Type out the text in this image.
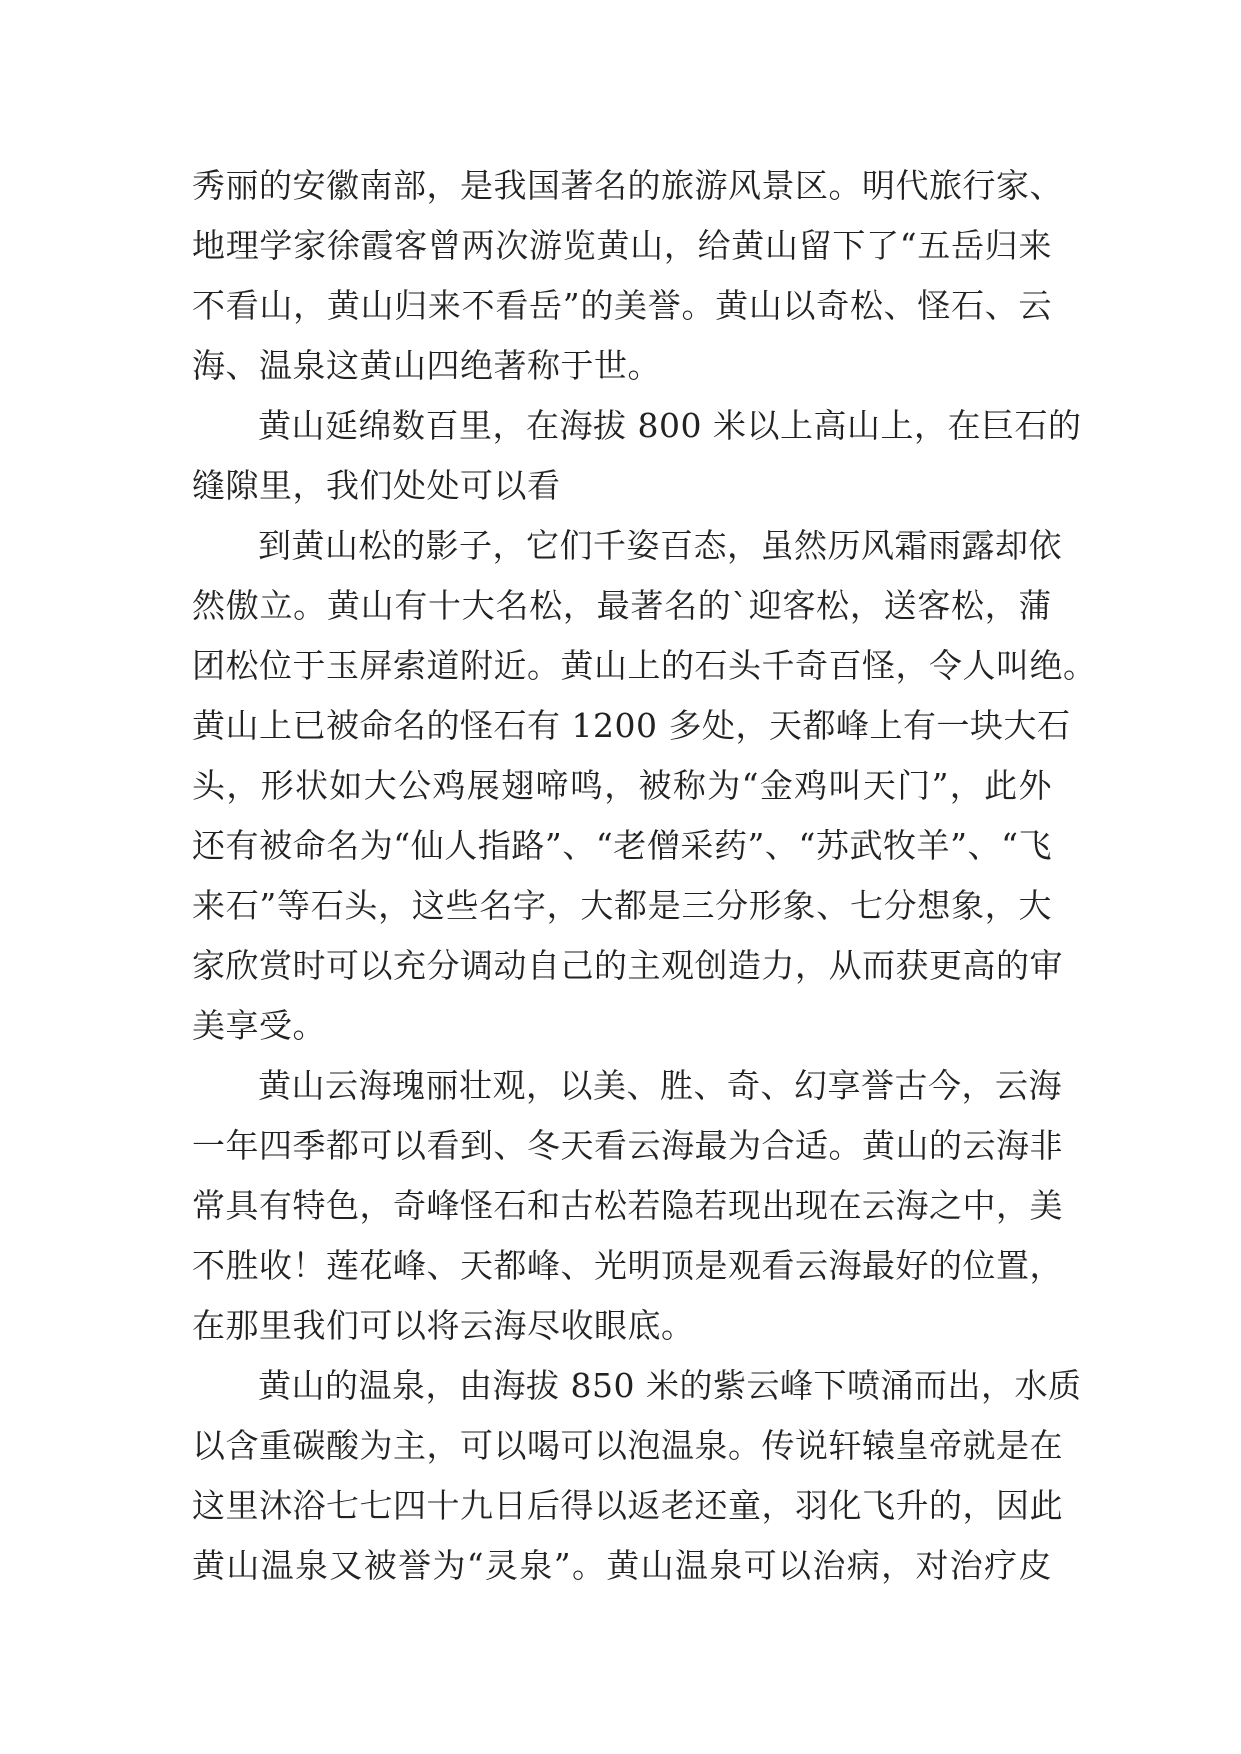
秀丽的安徽南部，是我国著名的旅游风景区。明代旅行家、
地理学家徐霞客曾两次游览黄山，给黄山留下了“五岳归来
不看山，黄山归来不看岳”的美誉。黄山以奇松、怪石、云
海、温泉这黄山四绝著称于世。
黄山延绵数百里，在海拔 800 米以上高山上，在巨石的
缝隙里，我们处处可以看
到黄山松的影子，它们千姿百态，虽然历风霜雨露却依
然傲立。黄山有十大名松，最著名的`迎客松，送客松，蒲
团松位于玉屏索道附近。黄山上的石头千奇百怪，令人叫绝。
黄山上已被命名的怪石有 1200 多处，天都峰上有一块大石
头，形状如大公鸡展翅啼鸣，被称为“金鸡叫天门”，此外
还有被命名为“仙人指路”、“老僧采药”、“苏武牧羊”、“飞
来石”等石头，这些名字，大都是三分形象、七分想象，大
家欣赏时可以充分调动自己的主观创造力，从而获更高的审
美享受。
黄山云海瑰丽壮观，以美、胜、奇、幻享誉古今，云海
一年四季都可以看到、冬天看云海最为合适。黄山的云海非
常具有特色，奇峰怪石和古松若隐若现出现在云海之中，美
不胜收！莲花峰、天都峰、光明顶是观看云海最好的位置，
在那里我们可以将云海尽收眼底。
黄山的温泉，由海拔 850 米的紫云峰下喷涌而出，水质
以含重碳酸为主，可以喝可以泡温泉。传说轩辕皇帝就是在
这里沐浴七七四十九日后得以返老还童，羽化飞升的，因此
黄山温泉又被誉为“灵泉”。黄山温泉可以治病，对治疗皮
